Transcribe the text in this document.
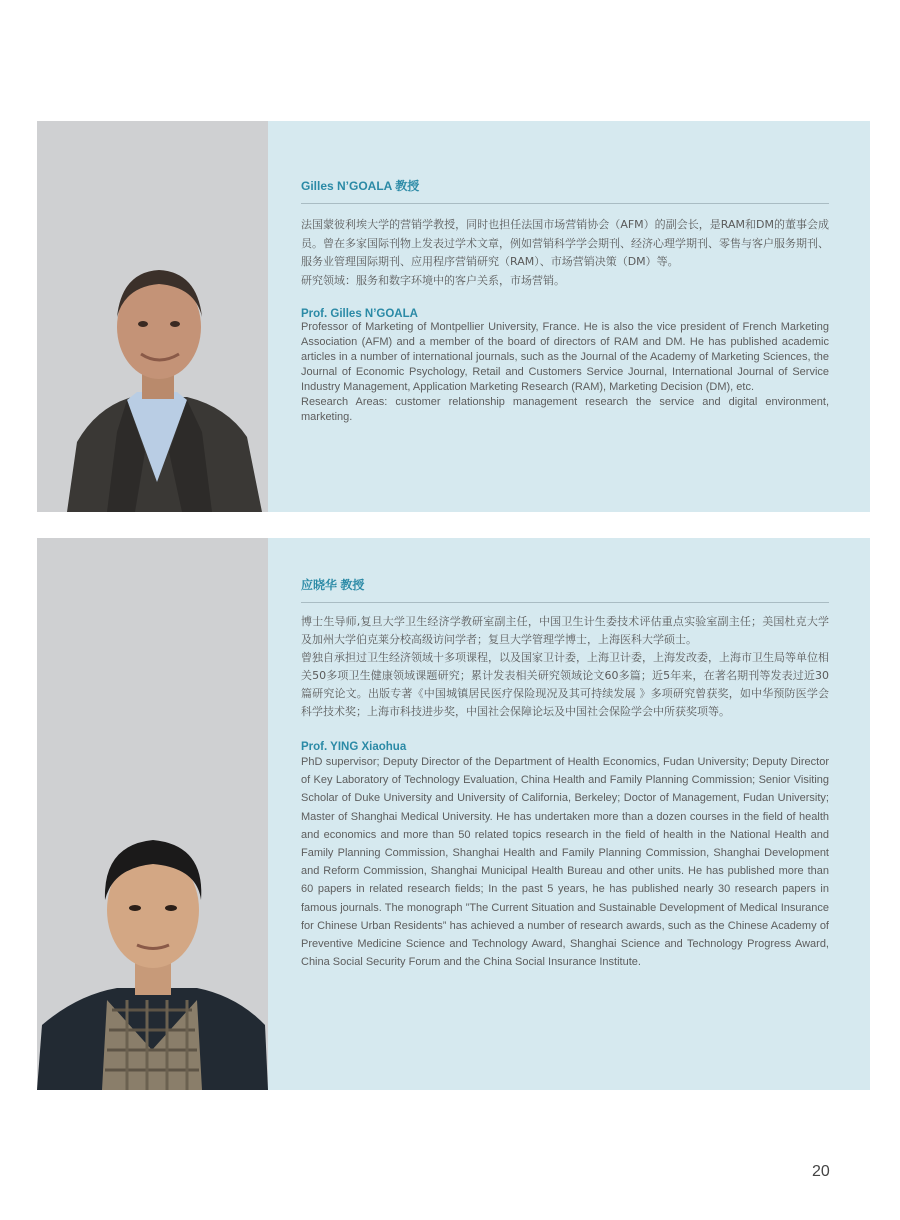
Gilles N’GOALA 教授

法国蒙彼利埃大学的营销学教授，同时也担任法国市场营销协会（AFM）的副会长，是RAM和DM的董事会成员。曾在多家国际刊物上发表过学术文章，例如营销科学学会期刊、经济心理学期刊、零售与客户服务期刊、服务业管理国际期刊、应用程序营销研究（RAM）、市场营销决策（DM）等。

研究领域：服务和数字环境中的客户关系，市场营销。

Prof. Gilles N’GOALA

Professor of Marketing of Montpellier University, France. He is also the vice president of French Marketing Association (AFM) and a member of the board of directors of RAM and DM. He has published academic articles in a number of international journals, such as the Journal of the Academy of Marketing Sciences, the Journal of Economic Psychology, Retail and Customers Service Journal, International Journal of Service Industry Management, Application Marketing Research (RAM), Marketing Decision (DM), etc.

Research Areas: customer relationship management research the service and digital environment, marketing.

应晓华 教授

博士生导师,复旦大学卫生经济学教研室副主任，中国卫生计生委技术评估重点实验室副主任；美国杜克大学及加州大学伯克莱分校高级访问学者；复旦大学管理学博士，上海医科大学硕士。

曾独自承担过卫生经济领域十多项课程，以及国家卫计委，上海卫计委，上海发改委，上海市卫生局等单位相关50多项卫生健康领域课题研究；累计发表相关研究领域论文60多篇；近5年来，在著名期刊等发表过近30篇研究论文。出版专著《中国城镇居民医疗保险现况及其可持续发展 》多项研究曾获奖，如中华预防医学会科学技术奖；上海市科技进步奖，中国社会保障论坛及中国社会保险学会中所获奖项等。

Prof. YING Xiaohua

PhD supervisor; Deputy Director of the Department of Health Economics, Fudan University; Deputy Director of Key Laboratory of Technology Evaluation, China Health and Family Planning Commission; Senior Visiting Scholar of Duke University and University of California, Berkeley; Doctor of Management, Fudan University; Master of Shanghai Medical University. He has undertaken more than a dozen courses in the field of health and economics and more than 50 related topics research in the field of health in the National Health and Family Planning Commission, Shanghai Health and Family Planning Commission, Shanghai Development and Reform Commission, Shanghai Municipal Health Bureau and other units. He has published more than 60 papers in related research fields; In the past 5 years, he has published nearly 30 research papers in famous journals. The monograph ”The Current Situation and Sustainable Development of Medical Insurance for Chinese Urban Residents” has achieved a number of research awards, such as the Chinese Academy of Preventive Medicine Science and Technology Award, Shanghai Science and Technology Progress Award, China Social Security Forum and the China Social Insurance Institute.

20
